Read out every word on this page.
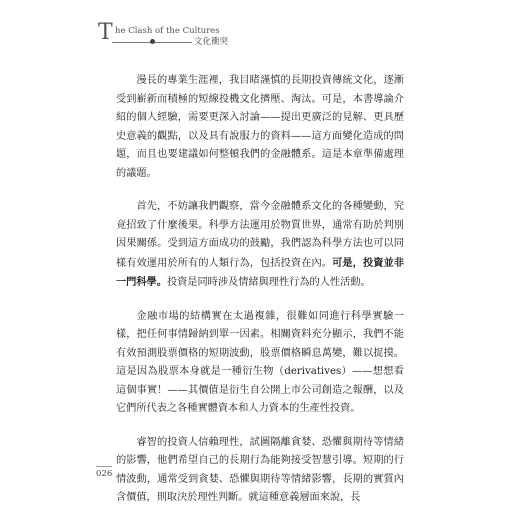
T he Clash of the Cultures
文化衝突

漫長的專業生涯裡，我目睹謹慎的長期投資傳統文化，逐漸受到嶄新而積極的短線投機文化擠壓、淘汰。可是，本書導論介紹的個人經驗，需要更深入討論——提出更廣泛的見解、更具歷史意義的觀點，以及具有說服力的資料——這方面變化造成的問題，而且也要建議如何整頓我們的金融體系。這是本章準備處理的議題。

首先，不妨讓我們觀察，當今金融體系文化的各種變動，究竟招致了什麼後果。科學方法運用於物質世界，通常有助於判別因果關係。受到這方面成功的鼓勵，我們認為科學方法也可以同樣有效運用於所有的人類行為，包括投資在內。可是，投資並非一門科學。投資是同時涉及情緒與理性行為的人性活動。

金融市場的結構實在太過複雜，很難如同進行科學實驗一樣，把任何事情歸納到單一因素。相關資料充分顯示，我們不能有效預測股票價格的短期波動，股票價格瞬息萬變，難以捉摸。這是因為股票本身就是一種衍生物（derivatives）——想想看這個事實！——其價值是衍生自公開上市公司創造之報酬，以及它們所代表之各種實體資本和人力資本的生產性投資。

睿智的投資人信賴理性，試圖隔離貪婪、恐懼與期待等情緒的影響，他們希望自己的長期行為能夠接受智慧引導。短期的行情波動，通常受到貪婪、恐懼與期待等情緒影響，長期的實質內含價值，則取決於理性判斷。就這種意義層面來說，長

026
